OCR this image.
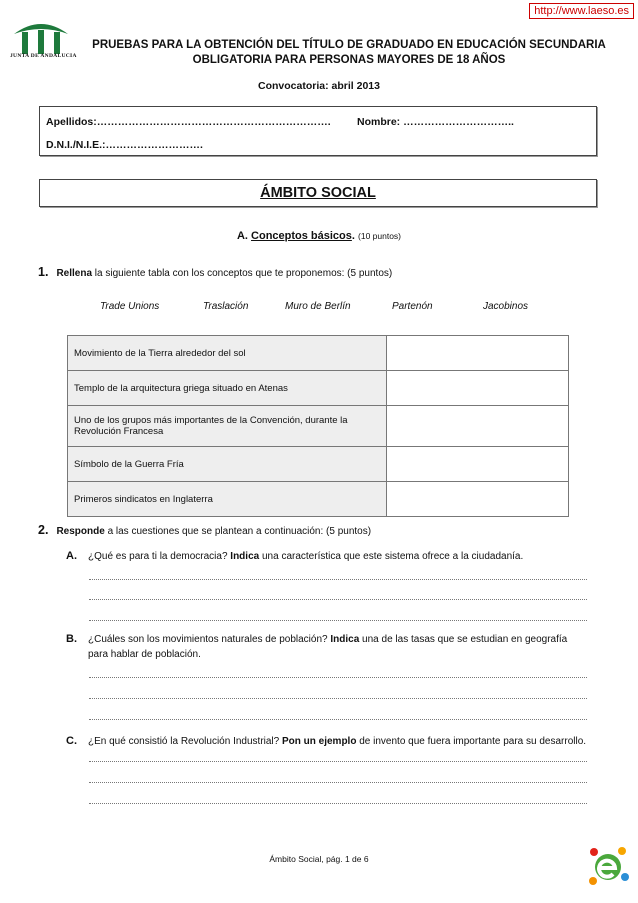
http://www.laeso.es
JUNTA DE ANDALUCIA
PRUEBAS PARA LA OBTENCIÓN DEL TÍTULO DE GRADUADO EN EDUCACIÓN SECUNDARIA
OBLIGATORIA PARA PERSONAS MAYORES DE 18 AÑOS
Convocatoria: abril 2013
Apellidos:………………………………………………………….	Nombre: …………………………..
D.N.I./N.I.E.:……………………….
ÁMBITO SOCIAL
A. Conceptos básicos. (10 puntos)
1. Rellena la siguiente tabla con los conceptos que te proponemos: (5 puntos)
Trade Unions	Traslación	Muro de Berlín	Partenón	Jacobinos
Movimiento de la Tierra alrededor del sol	
Templo de la arquitectura griega situado en Atenas	
Uno de los grupos más importantes de la Convención, durante la Revolución Francesa	
Símbolo de la Guerra Fría	
Primeros sindicatos en Inglaterra	
2. Responde a las cuestiones que se plantean a continuación: (5 puntos)
A. ¿Qué es para ti la democracia? Indica una característica que este sistema ofrece a la ciudadanía.
B. ¿Cuáles son los movimientos naturales de población? Indica una de las tasas que se estudian en geografía para hablar de población.
C. ¿En qué consistió la Revolución Industrial? Pon un ejemplo de invento que fuera importante para su desarrollo.
Ámbito Social, pág. 1 de 6
